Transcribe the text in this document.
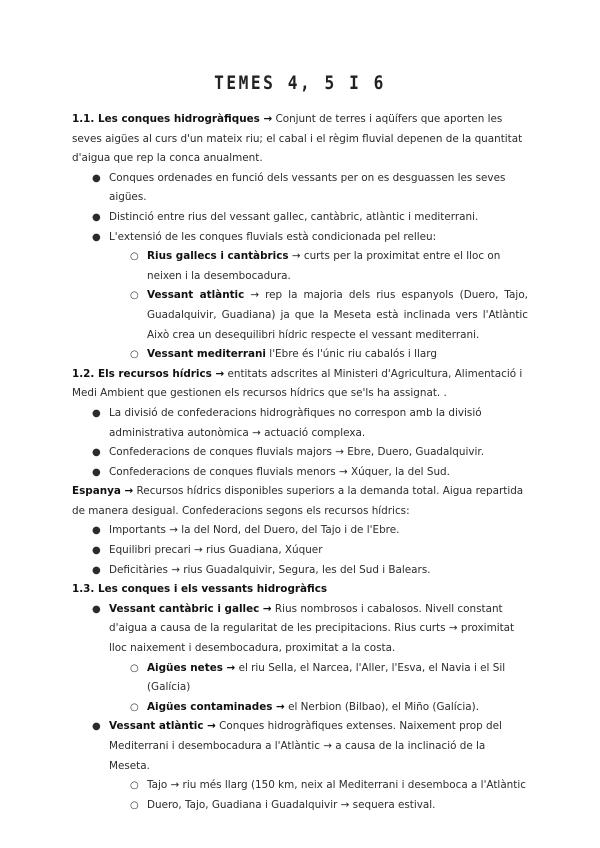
TEMES 4, 5 I 6

1.1. Les conques hidrogràfiques → Conjunt de terres i aqüífers que aporten les seves aigües al curs d'un mateix riu; el cabal i el règim fluvial depenen de la quantitat d'aigua que rep la conca anualment.

● Conques ordenades en funció dels vessants per on es desguassen les seves aigües.
● Distinció entre rius del vessant gallec, cantàbric, atlàntic i mediterrani.
● L'extensió de les conques fluvials està condicionada pel relleu:
○ Rius gallecs i cantàbrics → curts per la proximitat entre el lloc on neixen i la desembocadura.
○ Vessant atlàntic → rep la majoria dels rius espanyols (Duero, Tajo, Guadalquivir, Guadiana) ja que la Meseta està inclinada vers l'Atlàntic Això crea un desequilibri hídric respecte el vessant mediterrani.
○ Vessant mediterrani l'Ebre és l'únic riu cabalós i llarg

1.2. Els recursos hídrics → entitats adscrites al Ministeri d'Agricultura, Alimentació i Medi Ambient que gestionen els recursos hídrics que se'ls ha assignat. .

● La divisió de confederacions hidrogràfiques no correspon amb la divisió administrativa autonòmica → actuació complexa.
● Confederacions de conques fluvials majors → Ebre, Duero, Guadalquivir.
● Confederacions de conques fluvials menors → Xúquer, la del Sud.

Espanya → Recursos hídrics disponibles superiors a la demanda total. Aigua repartida de manera desigual. Confederacions segons els recursos hídrics:

● Importants → la del Nord, del Duero, del Tajo i de l'Ebre.
● Equilibri precari → rius Guadiana, Xúquer
● Deficitàries → rius Guadalquivir, Segura, les del Sud i Balears.

1.3. Les conques i els vessants hidrogràfics

● Vessant cantàbric i gallec → Rius nombrosos i cabalosos. Nivell constant d'aigua a causa de la regularitat de les precipitacions. Rius curts → proximitat lloc naixement i desembocadura, proximitat a la costa.
○ Aigües netes → el riu Sella, el Narcea, l'Aller, l'Esva, el Navia i el Sil (Galícia)
○ Aigües contaminades → el Nerbion (Bilbao), el Miño (Galícia).
● Vessant atlàntic → Conques hidrogràfiques extenses. Naixement prop del Mediterrani i desembocadura a l'Atlàntic → a causa de la inclinació de la Meseta.
○ Tajo → riu més llarg (150 km, neix al Mediterrani i desemboca a l'Atlàntic
○ Duero, Tajo, Guadiana i Guadalquivir → sequera estival.
